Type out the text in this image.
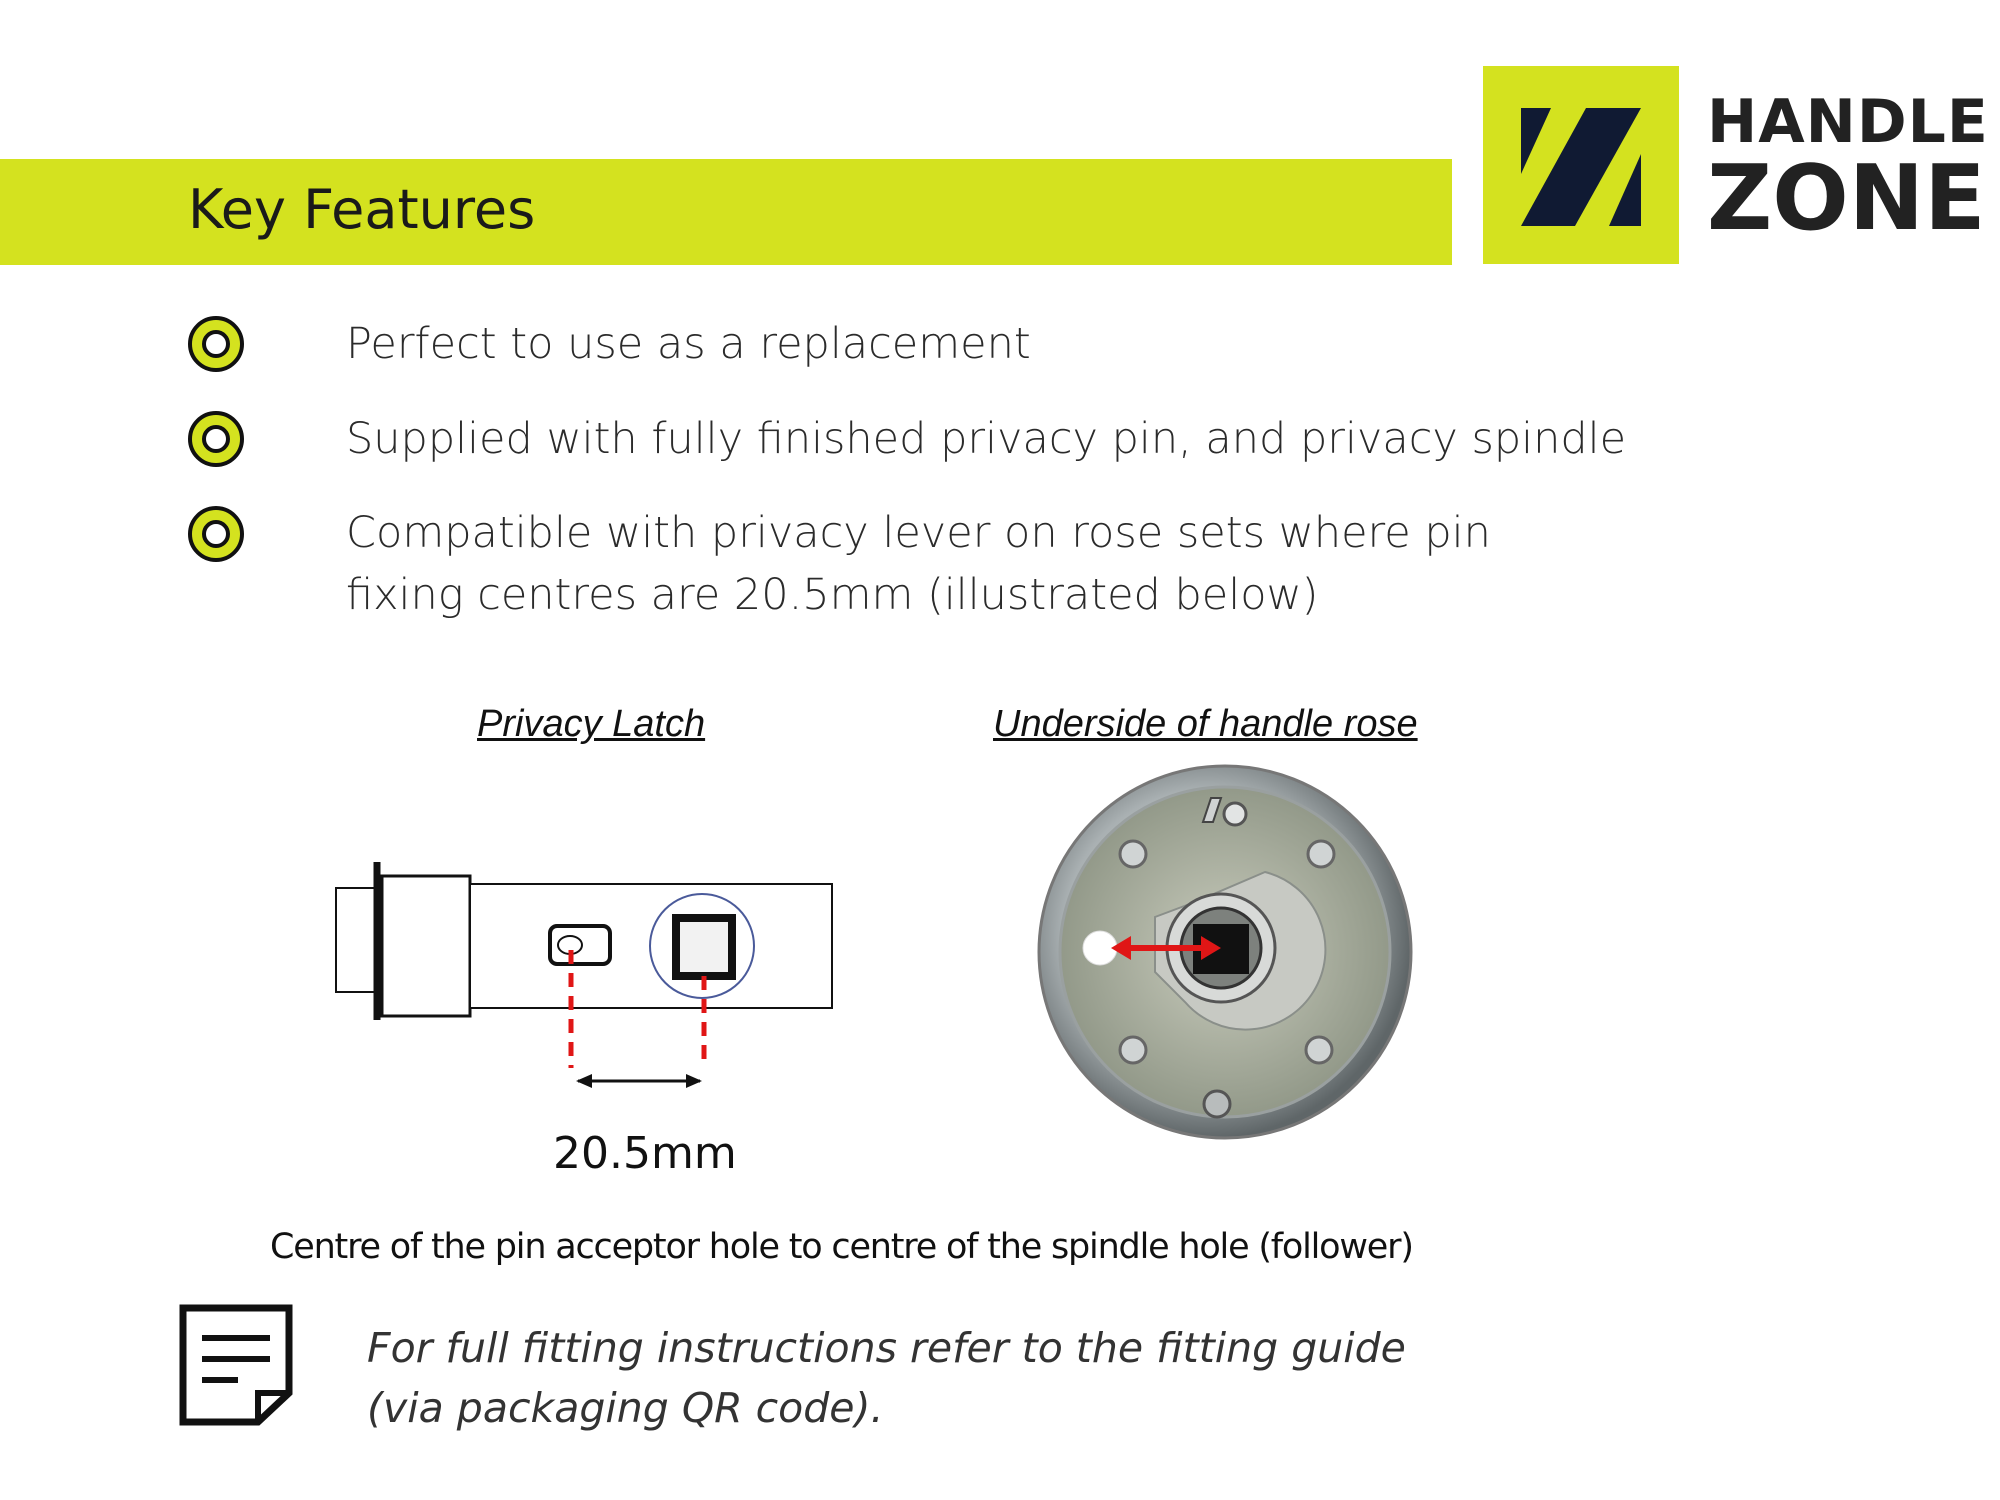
Key Features
HANDLE
ZONE
Perfect to use as a replacement
Supplied with fully finished privacy pin, and privacy spindle
Compatible with privacy lever on rose sets where pin
fixing centres are 20.5mm (illustrated below)
Privacy Latch	Underside of handle rose
20.5mm
Centre of the pin acceptor hole to centre of the spindle hole (follower)
For full fitting instructions refer to the fitting guide
(via packaging QR code).
